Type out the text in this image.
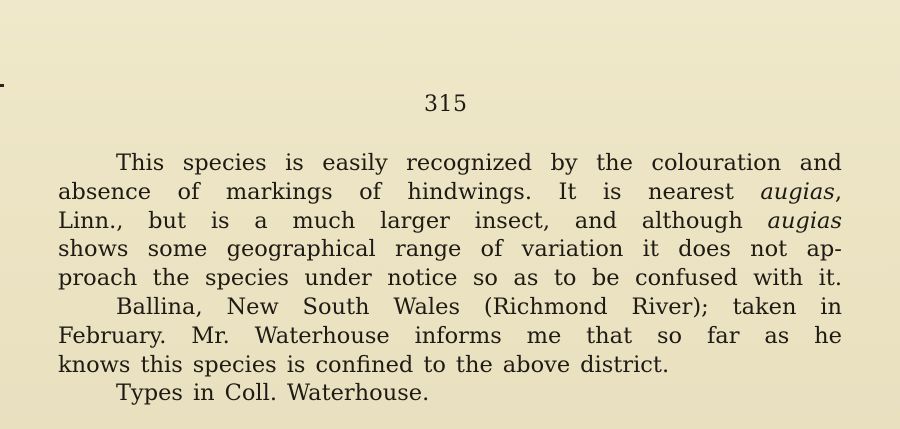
315
This species is easily recognized by the colouration and
absence of markings of hindwings. It is nearest augias,
Linn., but is a much larger insect, and although augias
shows some geographical range of variation it does not ap-
proach the species under notice so as to be confused with it.
Ballina, New South Wales (Richmond River); taken in
February. Mr. Waterhouse informs me that so far as he
knows this species is confined to the above district.
Types in Coll. Waterhouse.
